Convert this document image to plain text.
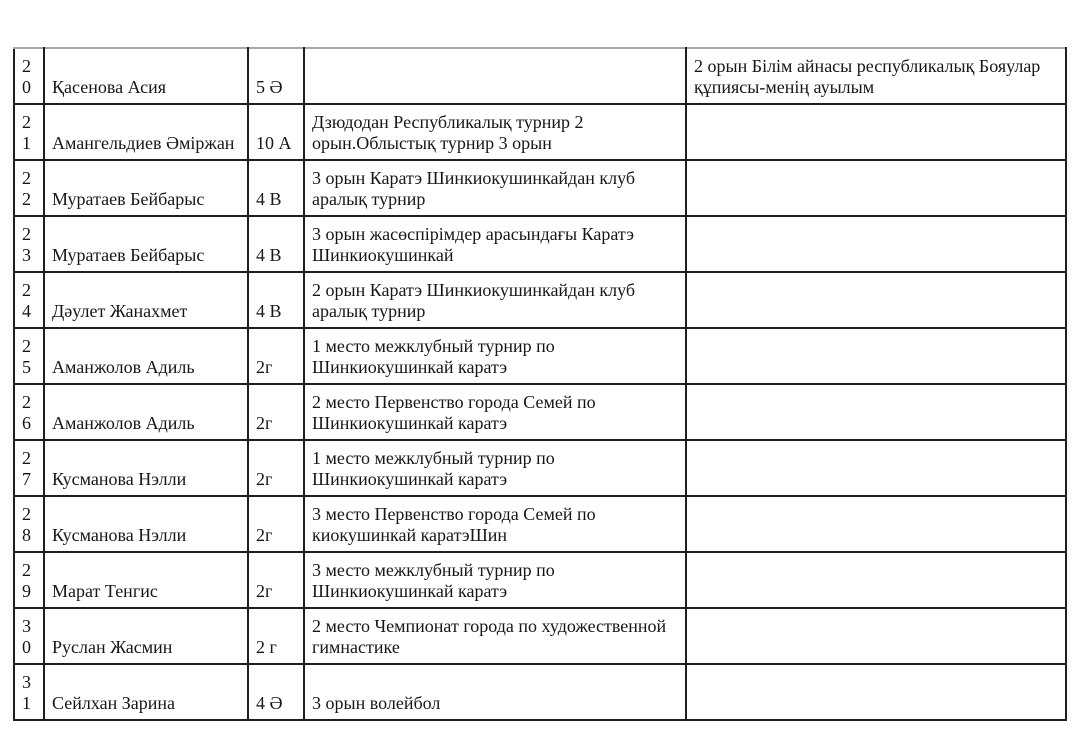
20	Қасенова Асия	5 Ә		2 орын Білім айнасы республикалық Бояулар құпиясы-менің ауылым
21	Амангельдиев Әміржан	10 А	Дзюдодан Республикалық турнир 2 орын.Облыстық турнир 3 орын	
22	Муратаев Бейбарыс	4 В	3 орын Каратэ Шинкиокушинкайдан клуб аралық турнир	
23	Муратаев Бейбарыс	4 В	3 орын жасөспірімдер арасындағы Каратэ Шинкиокушинкай	
24	Дәулет Жанахмет	4 В	2 орын Каратэ Шинкиокушинкайдан клуб аралық турнир	
25	Аманжолов Адиль	2г	1 место межклубный турнир по Шинкиокушинкай каратэ	
26	Аманжолов Адиль	2г	2 место Первенство города Семей по Шинкиокушинкай каратэ	
27	Кусманова Нэлли	2г	1 место межклубный турнир по Шинкиокушинкай каратэ	
28	Кусманова Нэлли	2г	3 место Первенство города Семей по киокушинкай каратэШин	
29	Марат Тенгис	2г	3 место межклубный турнир по Шинкиокушинкай каратэ	
30	Руслан Жасмин	2 г	2 место Чемпионат города по художественной гимнастике	
31	Сейлхан Зарина	4 Ә	3 орын волейбол	
